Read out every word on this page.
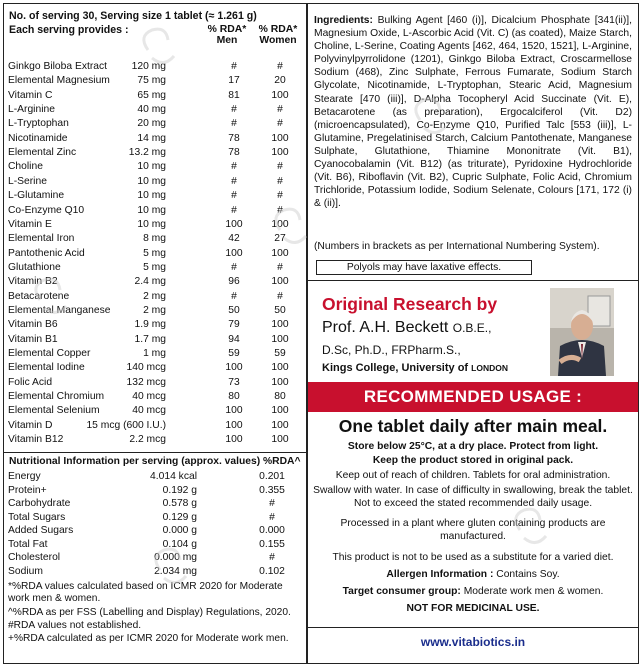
No. of serving 30, Serving size 1 tablet (≈ 1.261 g)
Each serving provides :	% RDA*
Men
% RDA*
Women
Ginkgo Biloba Extract 120 mg	#	#
Elemental Magnesium	75 mg	17	20
Vitamin C	65 mg	81	100
L-Arginine	40 mg	#	#
L-Tryptophan	20 mg	#	#
Nicotinamide	14 mg	78	100
Elemental Zinc	13.2 mg	78	100
Choline	10 mg	#	#
L-Serine	10 mg	#	#
L-Glutamine	10 mg	#	#
Co-Enzyme Q10	10 mg	#	#
Vitamin E	10 mg	100	100
Elemental Iron	8 mg	42	27
Pantothenic Acid	5 mg	100	100
Glutathione	5 mg	#	#
Vitamin B2	2.4 mg	96	100
Betacarotene	2 mg	#	#
Elemental Manganese	2 mg	50	50
Vitamin B6	1.9 mg	79	100
Vitamin B1	1.7 mg	94	100
Elemental Copper	1 mg	59	59
Elemental Iodine	140 mcg	100	100
Folic Acid	132 mcg	73	100
Elemental Chromium	40 mcg	80	80
Elemental Selenium	40 mcg	100	100
Vitamin D	15 mcg (600 I.U.)	100	100
Vitamin B12	2.2 mcg	100	100
Nutritional Information per serving (approx. values) %RDA^
Energy	4.014 kcal	0.201
Protein+	0.192 g	0.355
Carbohydrate	0.578 g	#
Total Sugars	0.129 g	#
Added Sugars	0.000 g	0.000
Total Fat	0.104 g	0.155
Cholesterol	0.000 mg	#
Sodium	2.034 mg	0.102
*%RDA values calculated based on ICMR 2020 for Moderate work men & women.
^%RDA as per FSS (Labelling and Display) Regulations, 2020.
#RDA values not established.
+%RDA calculated as per ICMR 2020 for Moderate work men.
Ingredients: Bulking Agent [460 (i)], Dicalcium Phosphate [341(ii)], Magnesium Oxide, L-Ascorbic Acid (Vit. C) (as coated), Maize Starch, Choline, L-Serine, Coating Agents [462, 464, 1520, 1521], L-Arginine, Polyvinylpyrrolidone (1201), Ginkgo Biloba Extract, Croscarmellose Sodium (468), Zinc Sulphate, Ferrous Fumarate, Sodium Starch Glycolate, Nicotinamide, L-Tryptophan, Stearic Acid, Magnesium Stearate [470 (iii)], D-Alpha Tocopheryl Acid Succinate (Vit. E), Betacarotene (as preparation), Ergocalciferol (Vit. D2) (microencapsulated), Co-Enzyme Q10, Purified Talc [553 (iii)], L-Glutamine, Pregelatinised Starch, Calcium Pantothenate, Manganese Sulphate, Glutathione, Thiamine Mononitrate (Vit. B1), Cyanocobalamin (Vit. B12) (as triturate), Pyridoxine Hydrochloride (Vit. B6), Riboflavin (Vit. B2), Cupric Sulphate, Folic Acid, Chromium Trichloride, Potassium Iodide, Sodium Selenate, Colours [171, 172 (i) & (ii)].
(Numbers in brackets as per International Numbering System).
Polyols may have laxative effects.
Original Research by
Prof. A.H. Beckett O.B.E.,
D.Sc, Ph.D., FRPharm.S.,
Kings College, University of LONDON
RECOMMENDED USAGE :
One tablet daily after main meal.
Store below 25°C, at a dry place. Protect from light.
Keep the product stored in original pack.
Keep out of reach of children. Tablets for oral administration.
Swallow with water. In case of difficulty in swallowing, break the tablet. Not to exceed the stated recommended daily usage.
Processed in a plant where gluten containing products are manufactured.
This product is not to be used as a substitute for a varied diet.
Allergen Information : Contains Soy.
Target consumer group: Moderate work men & women.
NOT FOR MEDICINAL USE.
www.vitabiotics.in
